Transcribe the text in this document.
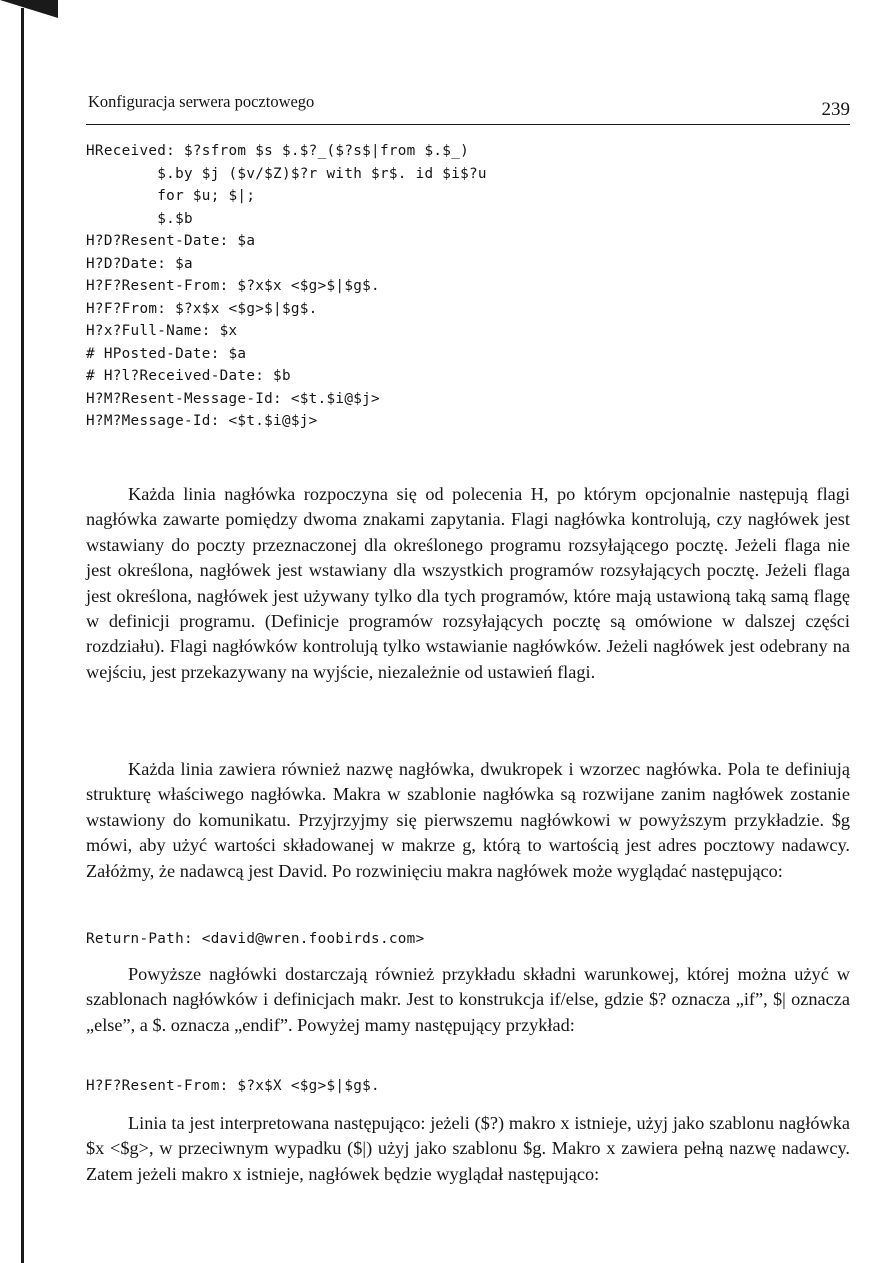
Konfiguracja serwera pocztowego	239
HReceived: $?sfrom $s $.$?_($?s$|from $.$_)
$.by $j ($v/$Z)$?r with $r$. id $i$?u
for $u; $|;
$.$b
H?D?Resent-Date: $a
H?D?Date: $a
H?F?Resent-From: $?x$x <$g>$|$g$.
H?F?From: $?x$x <$g>$|$g$.
H?x?Full-Name: $x
# HPosted-Date: $a
# H?l?Received-Date: $b
H?M?Resent-Message-Id: <$t.$i@$j>
H?M?Message-Id: <$t.$i@$j>

Każda linia nagłówka rozpoczyna się od polecenia H, po którym opcjonalnie następują flagi nagłówka zawarte pomiędzy dwoma znakami zapytania. Flagi nagłówka kontrolują, czy nagłówek jest wstawiany do poczty przeznaczonej dla określonego programu rozsyłającego pocztę. Jeżeli flaga nie jest określona, nagłówek jest wstawiany dla wszystkich programów rozsyłających pocztę. Jeżeli flaga jest określona, nagłówek jest używany tylko dla tych programów, które mają ustawioną taką samą flagę w definicji programu. (Definicje programów rozsyłających pocztę są omówione w dalszej części rozdziału). Flagi nagłówków kontrolują tylko wstawianie nagłówków. Jeżeli nagłówek jest odebrany na wejściu, jest przekazywany na wyjście, niezależnie od ustawień flagi.

Każda linia zawiera również nazwę nagłówka, dwukropek i wzorzec nagłówka. Pola te definiują strukturę właściwego nagłówka. Makra w szablonie nagłówka są rozwijane zanim nagłówek zostanie wstawiony do komunikatu. Przyjrzyjmy się pierwszemu nagłówkowi w powyższym przykładzie. $g mówi, aby użyć wartości składowanej w makrze g, którą to wartością jest adres pocztowy nadawcy. Załóżmy, że nadawcą jest David. Po rozwinięciu makra nagłówek może wyglądać następująco:

Return-Path: <david@wren.foobirds.com>

Powyższe nagłówki dostarczają również przykładu składni warunkowej, której można użyć w szablonach nagłówków i definicjach makr. Jest to konstrukcja if/else, gdzie $? oznacza „if”, $| oznacza „else”, a $. oznacza „endif”. Powyżej mamy następujący przykład:

H?F?Resent-From: $?x$X <$g>$|$g$.

Linia ta jest interpretowana następująco: jeżeli ($?) makro x istnieje, użyj jako szablonu nagłówka $x <$g>, w przeciwnym wypadku ($|) użyj jako szablonu $g. Makro x zawiera pełną nazwę nadawcy. Zatem jeżeli makro x istnieje, nagłówek będzie wyglądał następująco:
